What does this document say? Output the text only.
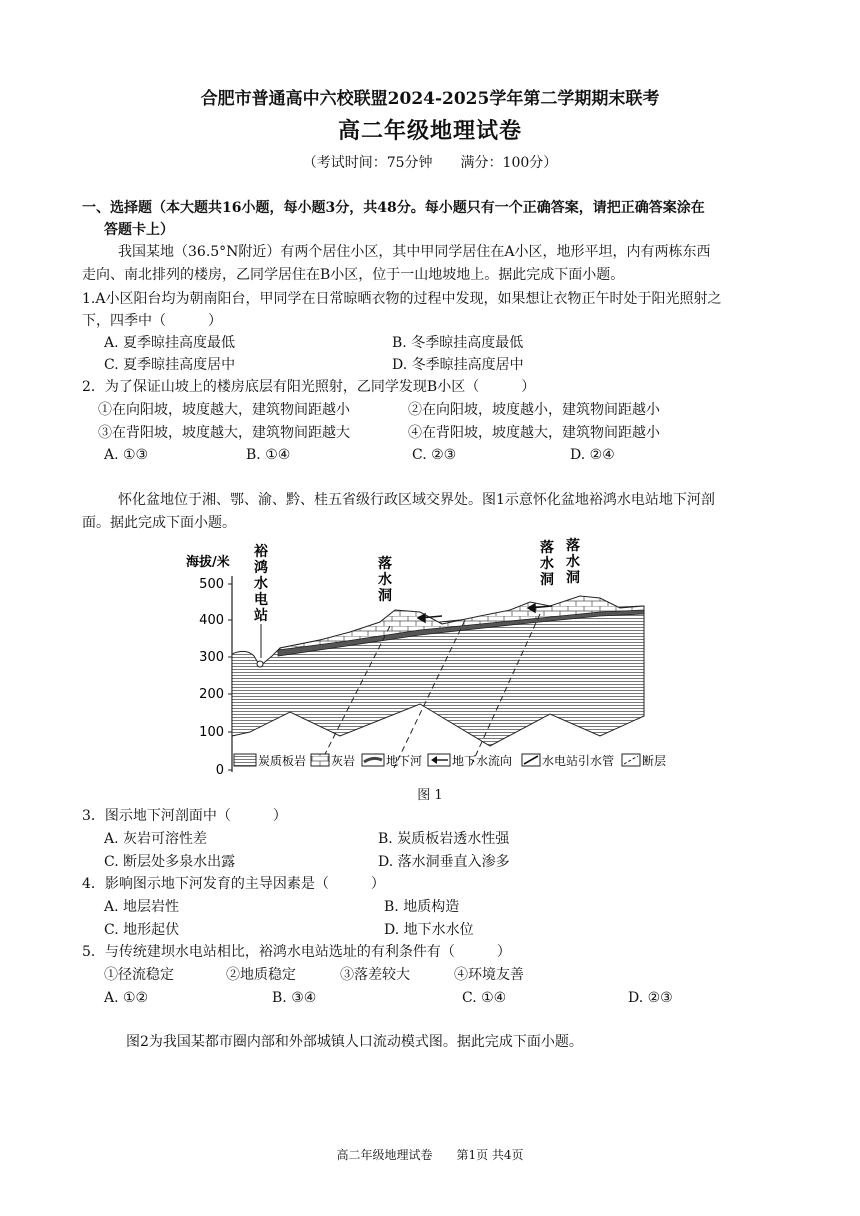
合肥市普通高中六校联盟2024-2025学年第二学期期末联考
高二年级地理试卷
（考试时间：75分钟　　满分：100分）
一、选择题（本大题共16小题，每小题3分，共48分。每小题只有一个正确答案，请把正确答案涂在
答题卡上）
我国某地（36.5°N附近）有两个居住小区，其中甲同学居住在A小区，地形平坦，内有两栋东西
走向、南北排列的楼房，乙同学居住在B小区，位于一山地坡地上。据此完成下面小题。
1.A小区阳台均为朝南阳台，甲同学在日常晾晒衣物的过程中发现，如果想让衣物正午时处于阳光照射之
下，四季中（　　　）
A. 夏季晾挂高度最低	B. 冬季晾挂高度最低
C. 夏季晾挂高度居中	D. 冬季晾挂高度居中
2．为了保证山坡上的楼房底层有阳光照射，乙同学发现B小区（　　　）
①在向阳坡，坡度越大，建筑物间距越小	②在向阳坡，坡度越小，建筑物间距越小
③在背阳坡，坡度越大，建筑物间距越大	④在背阳坡，坡度越大，建筑物间距越小
A. ①③	B. ①④	C. ②③	D. ②④
怀化盆地位于湘、鄂、渝、黔、桂五省级行政区域交界处。图1示意怀化盆地裕鸿水电站地下河剖
面。据此完成下面小题。
海拔/米
500
400
300
200
100
0
裕
鸿
水
电
站
落
水
洞
落
水
洞
落
水
洞
炭质板岩 灰岩	地下河 地下水流向 水电站引水管 断层
图 1
3．图示地下河剖面中（　　　）
A. 灰岩可溶性差	B. 炭质板岩透水性强
C. 断层处多泉水出露	D. 落水洞垂直入渗多
4．影响图示地下河发育的主导因素是（　　　）
A. 地层岩性	B. 地质构造
C. 地形起伏	D. 地下水水位
5．与传统建坝水电站相比，裕鸿水电站选址的有利条件有（　　　）
①径流稳定	②地质稳定	③落差较大	④环境友善
A. ①②	B. ③④	C. ①④	D. ②③
图2为我国某都市圈内部和外部城镇人口流动模式图。据此完成下面小题。
高二年级地理试卷　　第1页 共4页
